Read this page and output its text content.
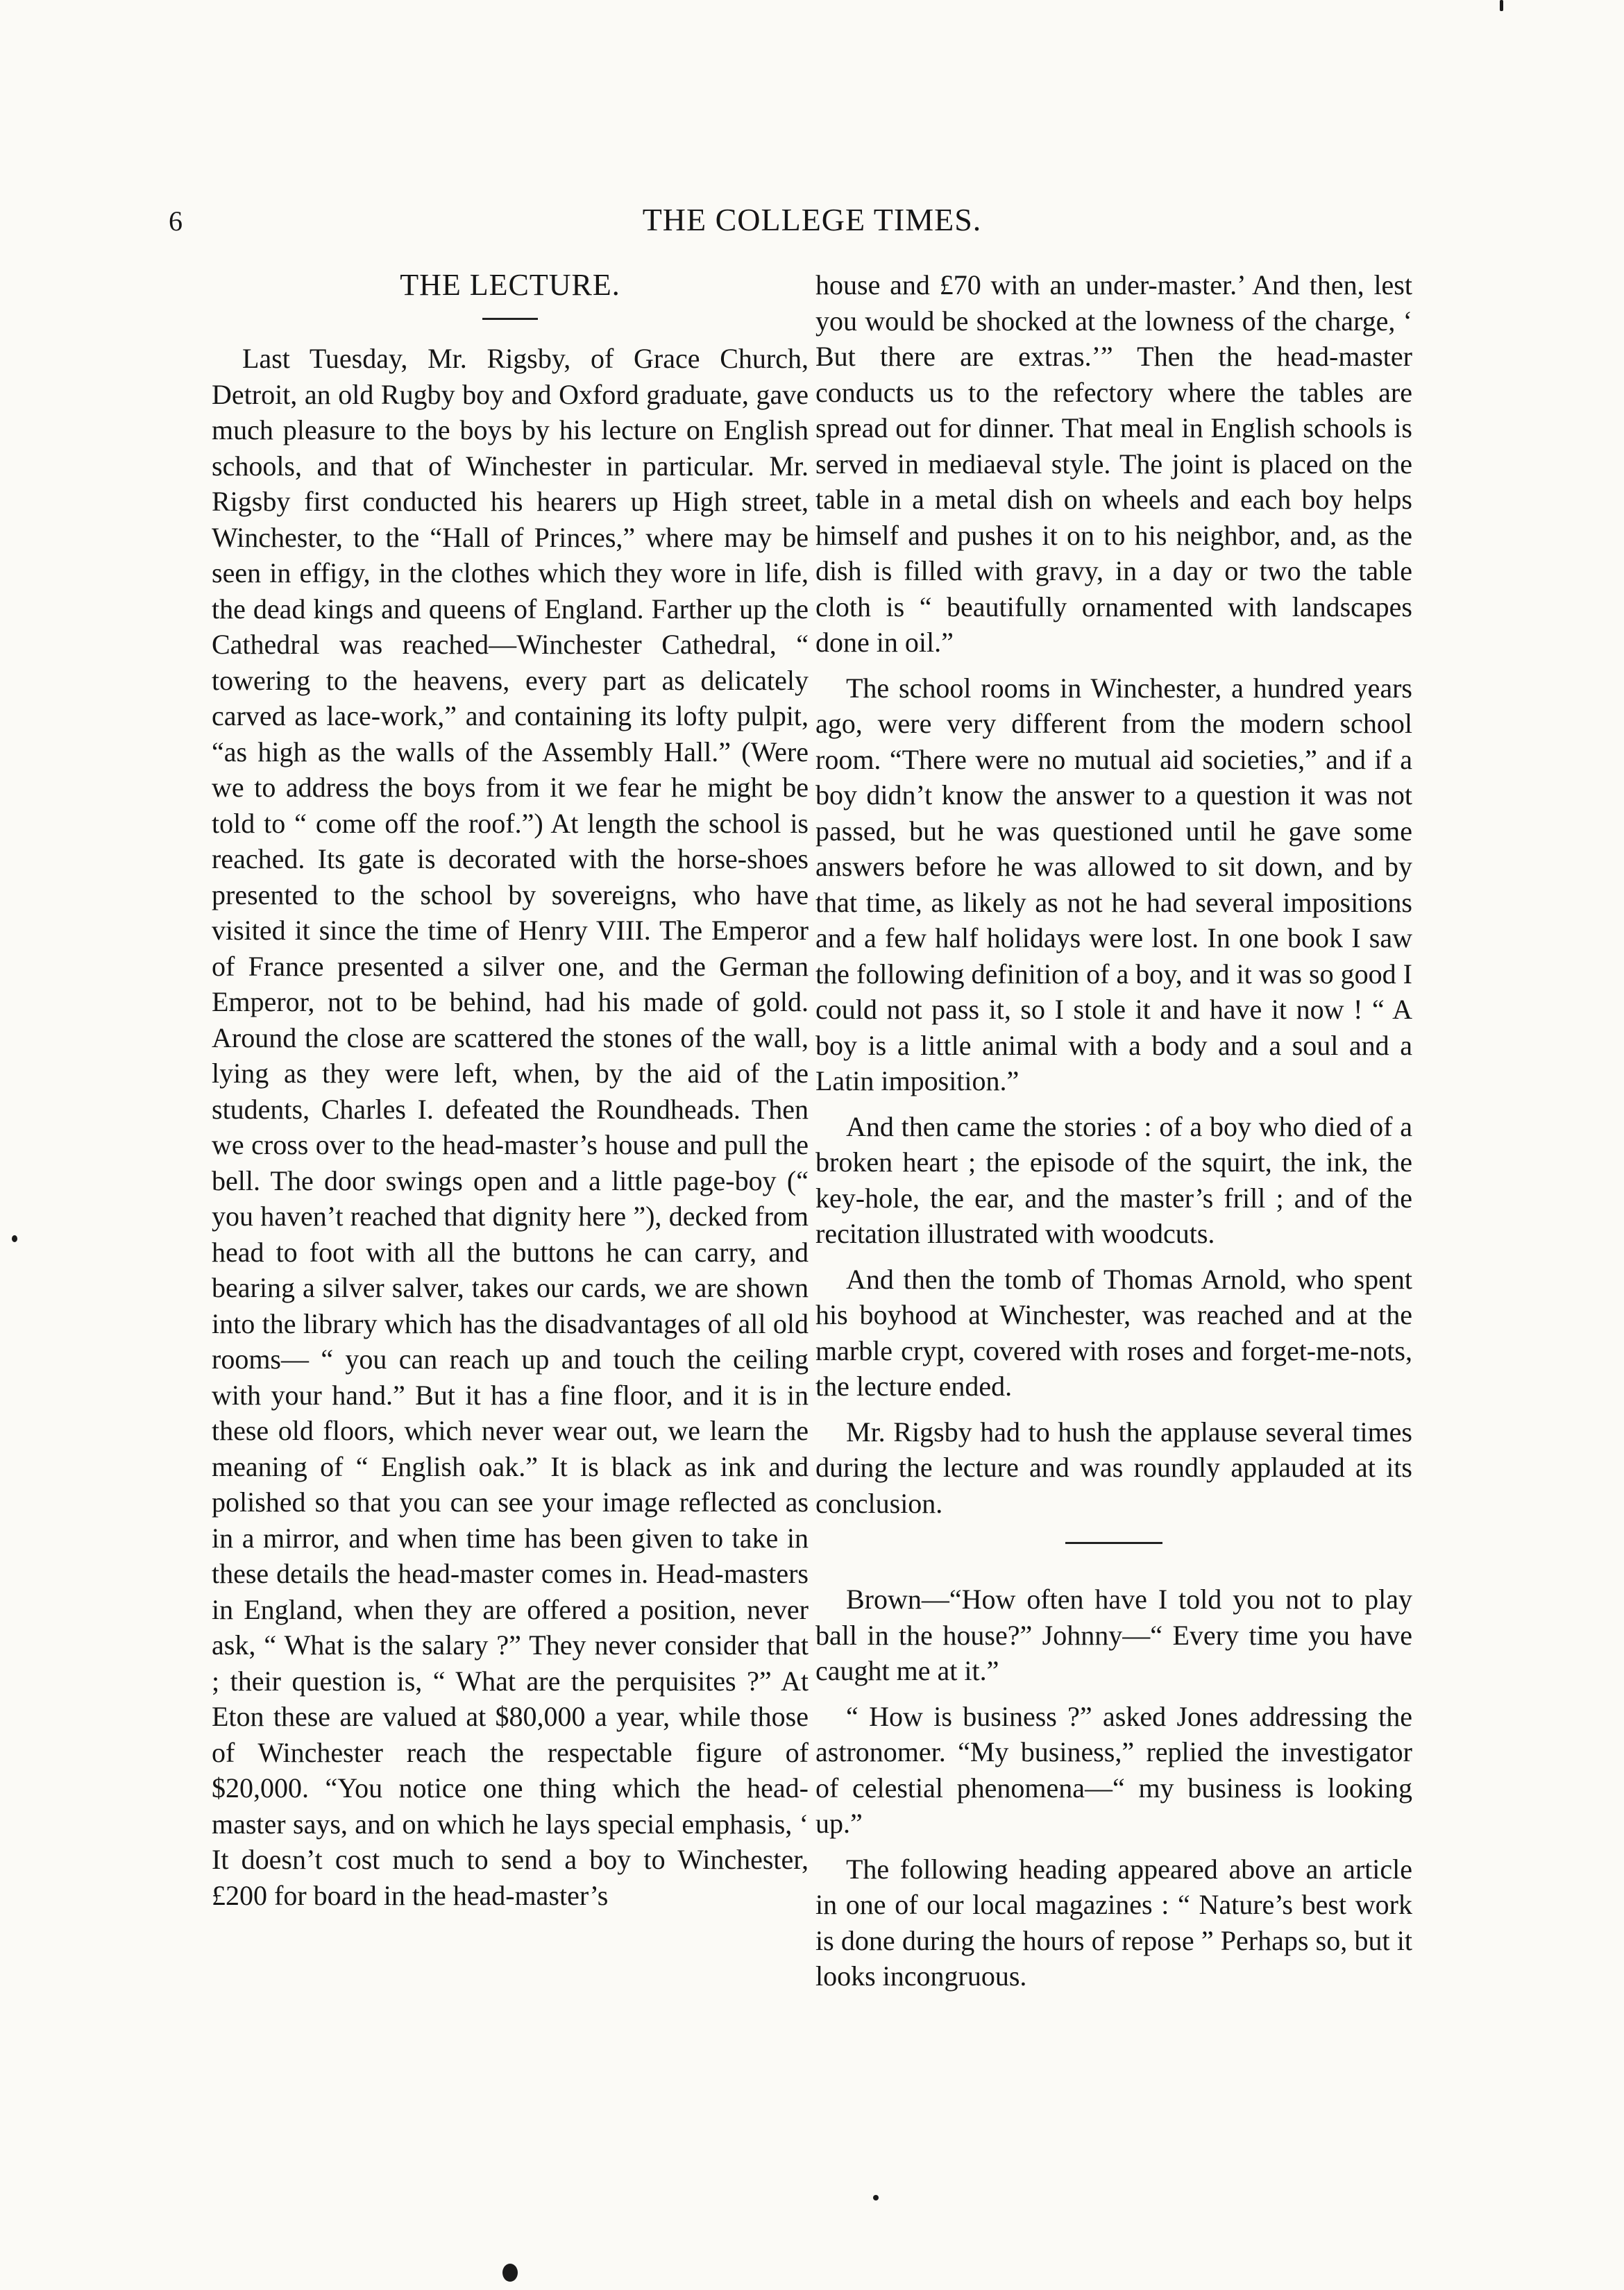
6	THE COLLEGE TIMES.
THE LECTURE.

Last Tuesday, Mr. Rigsby, of Grace Church, Detroit, an old Rugby boy and Oxford graduate, gave much pleasure to the boys by his lecture on English schools, and that of Winchester in particular. Mr. Rigsby first conducted his hearers up High street, Winchester, to the “Hall of Princes,” where may be seen in effigy, in the clothes which they wore in life, the dead kings and queens of England. Farther up the Cathedral was reached—Winchester Cathedral, “ towering to the heavens, every part as delicately carved as lace-work,” and containing its lofty pulpit, “as high as the walls of the Assembly Hall.” (Were we to address the boys from it we fear he might be told to “ come off the roof.”) At length the school is reached. Its gate is decorated with the horse-shoes presented to the school by sovereigns, who have visited it since the time of Henry VIII. The Emperor of France presented a silver one, and the German Emperor, not to be behind, had his made of gold. Around the close are scattered the stones of the wall, lying as they were left, when, by the aid of the students, Charles I. defeated the Roundheads. Then we cross over to the head-master’s house and pull the bell. The door swings open and a little page-boy (“ you haven’t reached that dignity here ”), decked from head to foot with all the buttons he can carry, and bearing a silver salver, takes our cards, we are shown into the library which has the disadvantages of all old rooms— “ you can reach up and touch the ceiling with your hand.” But it has a fine floor, and it is in these old floors, which never wear out, we learn the meaning of “ English oak.” It is black as ink and polished so that you can see your image reflected as in a mirror, and when time has been given to take in these details the head-master comes in. Head-masters in England, when they are offered a position, never ask, “ What is the salary ?” They never consider that ; their question is, “ What are the perquisites ?” At Eton these are valued at $80,000 a year, while those of Winchester reach the respectable figure of $20,000. “You notice one thing which the head-master says, and on which he lays special emphasis, ‘ It doesn’t cost much to send a boy to Winchester, £200 for board in the head-master’s

house and £70 with an under-master.’ And then, lest you would be shocked at the lowness of the charge, ‘ But there are extras.’” Then the head-master conducts us to the refectory where the tables are spread out for dinner. That meal in English schools is served in mediaeval style. The joint is placed on the table in a metal dish on wheels and each boy helps himself and pushes it on to his neighbor, and, as the dish is filled with gravy, in a day or two the table cloth is “ beautifully ornamented with landscapes done in oil.”

The school rooms in Winchester, a hundred years ago, were very different from the modern school room. “There were no mutual aid societies,” and if a boy didn’t know the answer to a question it was not passed, but he was questioned until he gave some answers before he was allowed to sit down, and by that time, as likely as not he had several impositions and a few half holidays were lost. In one book I saw the following definition of a boy, and it was so good I could not pass it, so I stole it and have it now ! “ A boy is a little animal with a body and a soul and a Latin imposition.”

And then came the stories : of a boy who died of a broken heart ; the episode of the squirt, the ink, the key-hole, the ear, and the master’s frill ; and of the recitation illustrated with woodcuts.

And then the tomb of Thomas Arnold, who spent his boyhood at Winchester, was reached and at the marble crypt, covered with roses and forget-me-nots, the lecture ended.

Mr. Rigsby had to hush the applause several times during the lecture and was roundly applauded at its conclusion.

Brown—“How often have I told you not to play ball in the house?” Johnny—“ Every time you have caught me at it.”

“ How is business ?” asked Jones addressing the astronomer. “My business,” replied the investigator of celestial phenomena—“ my business is looking up.”

The following heading appeared above an article in one of our local magazines : “ Nature’s best work is done during the hours of repose ” Perhaps so, but it looks incongruous.
